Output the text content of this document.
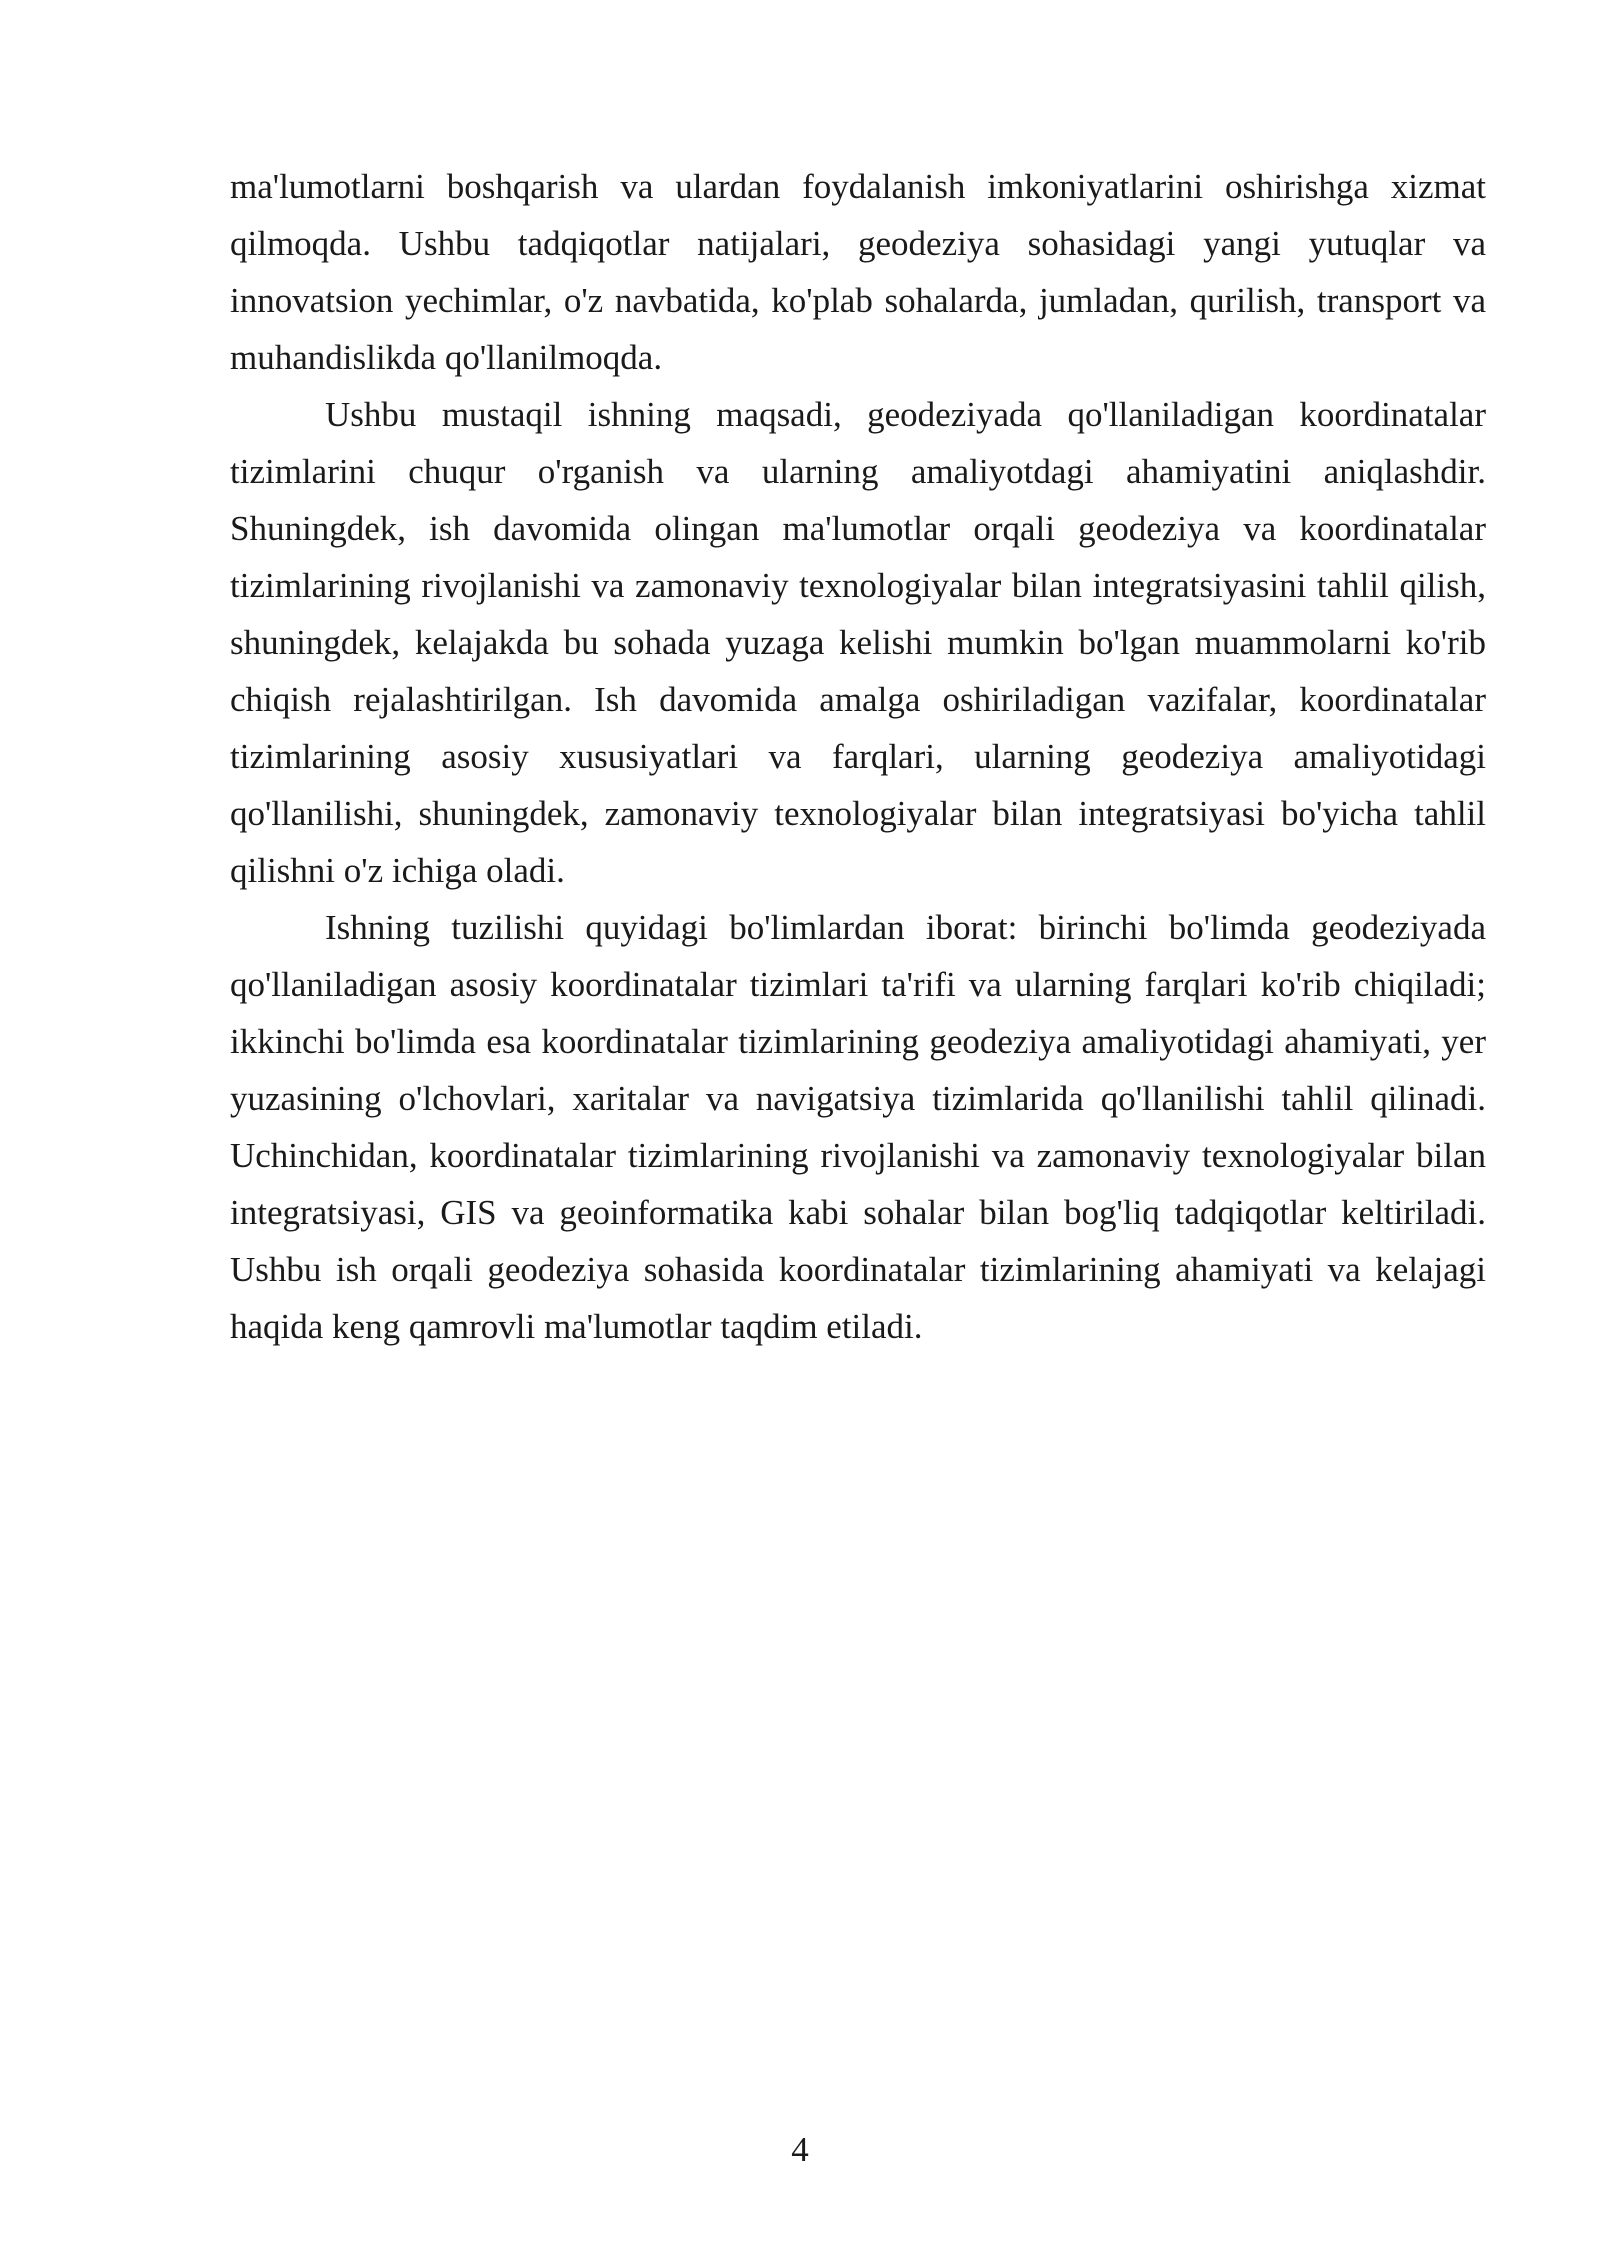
ma'lumotlarni boshqarish va ulardan foydalanish imkoniyatlarini oshirishga xizmat qilmoqda. Ushbu tadqiqotlar natijalari, geodeziya sohasidagi yangi yutuqlar va innovatsion yechimlar, o'z navbatida, ko'plab sohalarda, jumladan, qurilish, transport va muhandislikda qo'llanilmoqda.

Ushbu mustaqil ishning maqsadi, geodeziyada qo'llaniladigan koordinatalar tizimlarini chuqur o'rganish va ularning amaliyotdagi ahamiyatini aniqlashdir. Shuningdek, ish davomida olingan ma'lumotlar orqali geodeziya va koordinatalar tizimlarining rivojlanishi va zamonaviy texnologiyalar bilan integratsiyasini tahlil qilish, shuningdek, kelajakda bu sohada yuzaga kelishi mumkin bo'lgan muammolarni ko'rib chiqish rejalashtirilgan. Ish davomida amalga oshiriladigan vazifalar, koordinatalar tizimlarining asosiy xususiyatlari va farqlari, ularning geodeziya amaliyotidagi qo'llanilishi, shuningdek, zamonaviy texnologiyalar bilan integratsiyasi bo'yicha tahlil qilishni o'z ichiga oladi.

Ishning tuzilishi quyidagi bo'limlardan iborat: birinchi bo'limda geodeziyada qo'llaniladigan asosiy koordinatalar tizimlari ta'rifi va ularning farqlari ko'rib chiqiladi; ikkinchi bo'limda esa koordinatalar tizimlarining geodeziya amaliyotidagi ahamiyati, yer yuzasining o'lchovlari, xaritalar va navigatsiya tizimlarida qo'llanilishi tahlil qilinadi. Uchinchidan, koordinatalar tizimlarining rivojlanishi va zamonaviy texnologiyalar bilan integratsiyasi, GIS va geoinformatika kabi sohalar bilan bog'liq tadqiqotlar keltiriladi. Ushbu ish orqali geodeziya sohasida koordinatalar tizimlarining ahamiyati va kelajagi haqida keng qamrovli ma'lumotlar taqdim etiladi.

4
